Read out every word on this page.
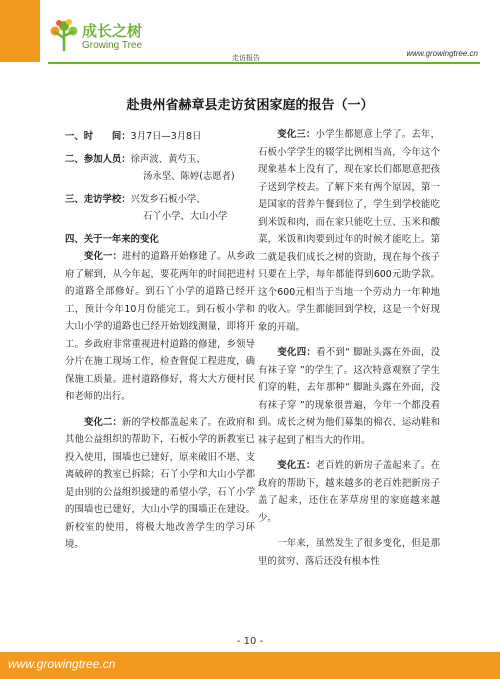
成长之树
Growing Tree
走访报告	www.growingtree.cn
赴贵州省赫章县走访贫困家庭的报告（一）
一、时　　间：3月7日—3月8日
二、参加人员：徐声波、黄芍玉、
汤永坚、陈婷(志愿者)
三、走访学校：兴发乡石板小学、
石丫小学、大山小学
四、关于一年来的变化

　　变化一：进村的道路开始修建了。从乡政府了解到，从今年起，要花两年的时间把进村的道路全部修好。到石丫小学的道路已经开工，预计今年10月份能完工。到石板小学和大山小学的道路也已经开始划线测量，即将开工。乡政府非常重视进村道路的修建，乡领导分片在施工现场工作，检查督促工程进度，确保施工质量。进村道路修好，将大大方便村民和老师的出行。

　　变化二：新的学校都盖起来了。在政府和其他公益组织的帮助下，石板小学的新教室已投入使用，围墙也已建好，原来破旧不堪、支离破碎的教室已拆除；石丫小学和大山小学都是由别的公益组织援建的希望小学，石丫小学的围墙也已建好，大山小学的围墙正在建设。新校室的使用，将极大地改善学生的学习环境。

　　变化三：小学生都愿意上学了。去年，石板小学学生的辍学比例相当高，今年这个现象基本上没有了，现在家长们都愿意把孩子送到学校去。了解下来有两个原因，第一是国家的营养午餐到位了，学生到学校能吃到米饭和肉，而在家只能吃土豆、玉米和酸菜，米饭和肉要到过年的时候才能吃上。第二就是我们成长之树的资助，现在每个孩子只要在上学，每年都能得到600元助学款。这个600元相当于当地一个劳动力一年种地的收入。学生都能回到学校，这是一个好现象的开端。

　　变化四：看不到“ 脚趾头露在外面，没有袜子穿 ”的学生了。这次特意观察了学生们穿的鞋，去年那种“ 脚趾头露在外面，没有袜子穿 ”的现象很普遍，今年一个都没看到。成长之树为他们募集的棉衣、运动鞋和袜子起到了相当大的作用。

　　变化五：老百姓的新房子盖起来了。在政府的帮助下，越来越多的老百姓把新房子盖了起来，还住在茅草房里的家庭越来越少。

　　一年来，虽然发生了很多变化，但是那里的贫穷、落后还没有根本性

- 10 -
www.growingtree.cn
